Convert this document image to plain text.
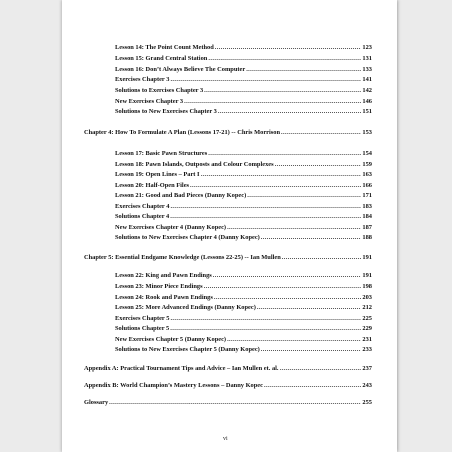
Lesson 14: The Point Count Method .....	123
Lesson 15: Grand Central Station .....	131
Lesson 16: Don’t Always Believe The Computer .....	133
Exercises Chapter 3 .....	141
Solutions to Exercises Chapter 3 .....	142
New Exercises Chapter 3 .....	146
Solutions to New Exercises Chapter 3 .....	151
Chapter 4: How To Formulate A Plan (Lessons 17-21) -- Chris Morrison .....	153
Lesson 17: Basic Pawn Structures .....	154
Lesson 18: Pawn Islands, Outposts and Colour Complexes .....	159
Lesson 19: Open Lines – Part I .....	163
Lesson 20: Half-Open Files .....	166
Lesson 21: Good and Bad Pieces (Danny Kopec) .....	171
Exercises Chapter 4 .....	183
Solutions Chapter 4 .....	184
New Exercises Chapter 4 (Danny Kopec) .....	187
Solutions to New Exercises Chapter 4 (Danny Kopec) .....	188
Chapter 5: Essential Endgame Knowledge (Lessons 22-25) -- Ian Mullen .....	191
Lesson 22: King and Pawn Endings .....	191
Lesson 23: Minor Piece Endings .....	198
Lesson 24: Rook and Pawn Endings .....	203
Lesson 25: More Advanced Endings (Danny Kopec) .....	212
Exercises Chapter 5 .....	225
Solutions Chapter 5 .....	229
New Exercises Chapter 5 (Danny Kopec) .....	231
Solutions to New Exercises Chapter 5 (Danny Kopec) .....	233
Appendix A: Practical Tournament Tips and Advice – Ian Mullen et. al. .....	237
Appendix B: World Champion’s Mastery Lessons – Danny Kopec .....	243
Glossary .....	255
vi
